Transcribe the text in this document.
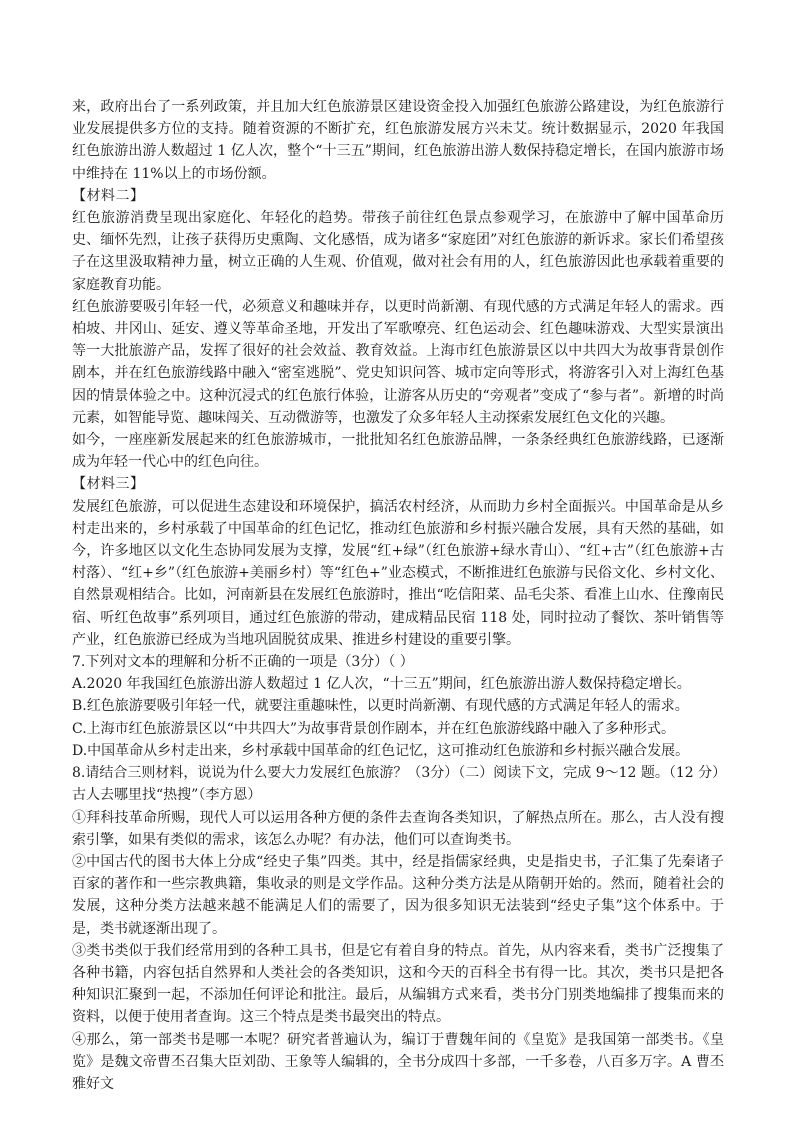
来，政府出台了一系列政策，并且加大红色旅游景区建设资金投入加强红色旅游公路建设，为红色旅游行业发展提供多方位的支持。随着资源的不断扩充，红色旅游发展方兴未艾。统计数据显示，2020 年我国红色旅游出游人数超过 1 亿人次，整个“十三五”期间，红色旅游出游人数保持稳定增长，在国内旅游市场中维持在 11%以上的市场份额。

【材料二】

红色旅游消费呈现出家庭化、年轻化的趋势。带孩子前往红色景点参观学习，在旅游中了解中国革命历史、缅怀先烈，让孩子获得历史熏陶、文化感悟，成为诸多“家庭团”对红色旅游的新诉求。家长们希望孩子在这里汲取精神力量，树立正确的人生观、价值观，做对社会有用的人，红色旅游因此也承载着重要的家庭教育功能。

红色旅游要吸引年轻一代，必须意义和趣味并存，以更时尚新潮、有现代感的方式满足年轻人的需求。西柏坡、井冈山、延安、遵义等革命圣地，开发出了军歌嘹亮、红色运动会、红色趣味游戏、大型实景演出等一大批旅游产品，发挥了很好的社会效益、教育效益。上海市红色旅游景区以中共四大为故事背景创作剧本，并在红色旅游线路中融入“密室逃脱”、党史知识问答、城市定向等形式，将游客引入对上海红色基因的情景体验之中。这种沉浸式的红色旅行体验，让游客从历史的“旁观者”变成了“参与者”。新增的时尚元素，如智能导览、趣味闯关、互动微游等，也激发了众多年轻人主动探索发展红色文化的兴趣。

如今，一座座新发展起来的红色旅游城市，一批批知名红色旅游品牌，一条条经典红色旅游线路，已逐渐成为年轻一代心中的红色向往。

【材料三】

发展红色旅游，可以促进生态建设和环境保护，搞活农村经济，从而助力乡村全面振兴。中国革命是从乡村走出来的，乡村承载了中国革命的红色记忆，推动红色旅游和乡村振兴融合发展，具有天然的基础，如今，许多地区以文化生态协同发展为支撑，发展“红+绿”（红色旅游+绿水青山）、“红+古”（红色旅游+古村落）、“红+乡”（红色旅游+美丽乡村）等“红色+”业态模式，不断推进红色旅游与民俗文化、乡村文化、自然景观相结合。比如，河南新县在发展红色旅游时，推出“吃信阳菜、品毛尖茶、看准上山水、住豫南民宿、听红色故事”系列项目，通过红色旅游的带动，建成精品民宿 118 处，同时拉动了餐饮、茶叶销售等产业，红色旅游已经成为当地巩固脱贫成果、推进乡村建设的重要引擎。

7.下列对文本的理解和分析不正确的一项是（3分）（ ）

A.2020 年我国红色旅游出游人数超过 1 亿人次，“十三五”期间，红色旅游出游人数保持稳定增长。

B.红色旅游要吸引年轻一代，就要注重趣味性，以更时尚新潮、有现代感的方式满足年轻人的需求。

C.上海市红色旅游景区以“中共四大”为故事背景创作剧本，并在红色旅游线路中融入了多种形式。

D.中国革命从乡村走出来，乡村承载中国革命的红色记忆，这可推动红色旅游和乡村振兴融合发展。

8.请结合三则材料，说说为什么要大力发展红色旅游？（3分）（二）阅读下文，完成 9～12 题。（12 分）

古人去哪里找“热搜”（李方恩）

①拜科技革命所赐，现代人可以运用各种方便的条件去查询各类知识，了解热点所在。那么，古人没有搜索引擎，如果有类似的需求，该怎么办呢？有办法，他们可以查询类书。

②中国古代的图书大体上分成“经史子集”四类。其中，经是指儒家经典，史是指史书，子汇集了先秦诸子百家的著作和一些宗教典籍，集收录的则是文学作品。这种分类方法是从隋朝开始的。然而，随着社会的发展，这种分类方法越来越不能满足人们的需要了，因为很多知识无法装到“经史子集”这个体系中。于是，类书就逐渐出现了。

③类书类似于我们经常用到的各种工具书，但是它有着自身的特点。首先，从内容来看，类书广泛搜集了各种书籍，内容包括自然界和人类社会的各类知识，这和今天的百科全书有得一比。其次，类书只是把各种知识汇聚到一起，不添加任何评论和批注。最后，从编辑方式来看，类书分门别类地编排了搜集而来的资料，以便于使用者查询。这三个特点是类书最突出的特点。

④那么，第一部类书是哪一本呢？研究者普遍认为，编订于曹魏年间的《皇览》是我国第一部类书。《皇览》是魏文帝曹丕召集大臣刘劭、王象等人编辑的，全书分成四十多部，一千多卷，八百多万字。A 曹丕雅好文
